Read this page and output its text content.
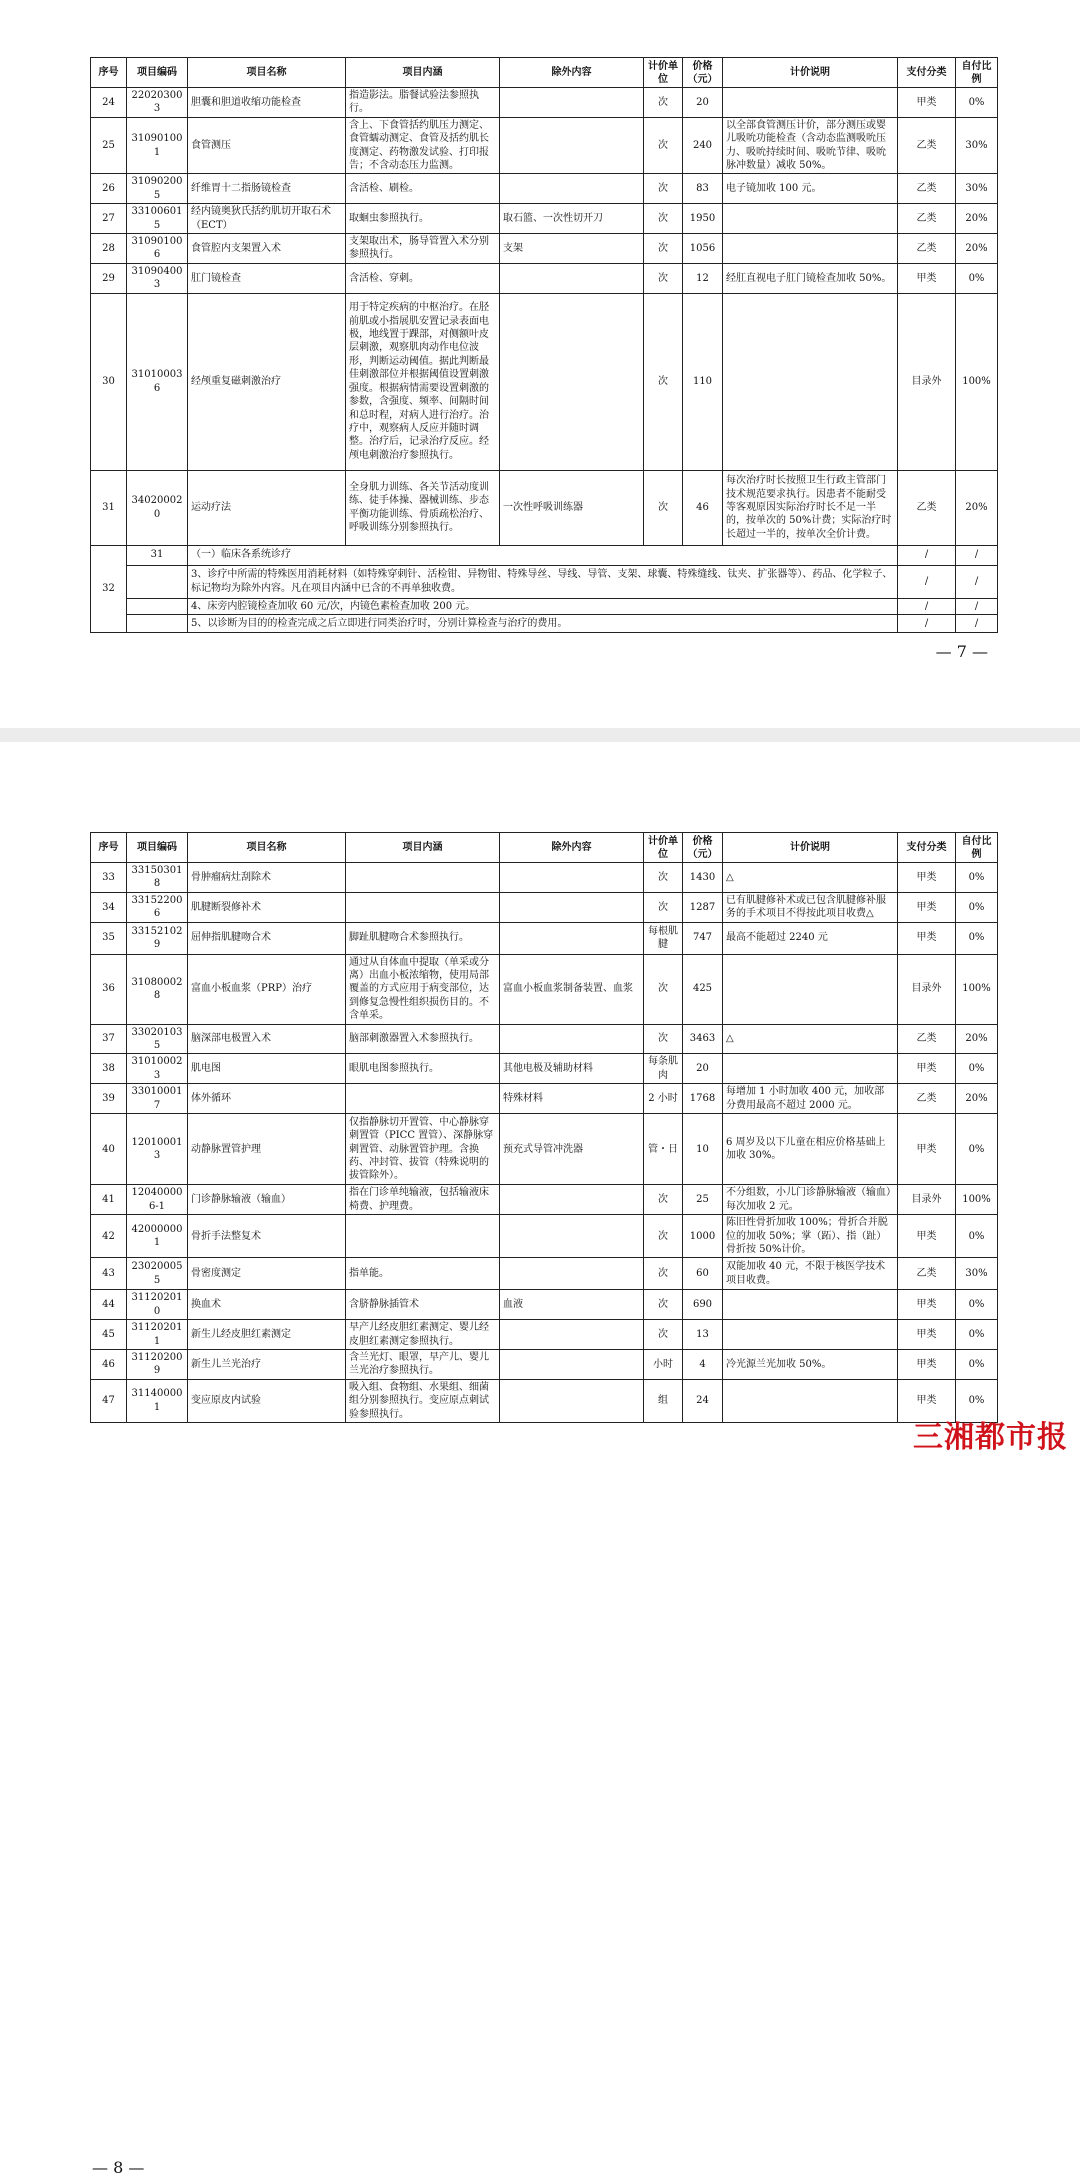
序号	项目编码	项目名称	项目内涵	除外内容	计价单位	价格（元）	计价说明	支付分类	自付比例
24	220203003	胆囊和胆道收缩功能检查	指造影法。脂餐试验法参照执行。		次	20		甲类	0%
25	310901001	食管测压	含上、下食管括约肌压力测定、食管蠕动测定、食管及括约肌长度测定、药物激发试验、打印报告；不含动态压力监测。		次	240	以全部食管测压计价，部分测压或婴儿吸吮功能检查（含动态监测吸吮压力、吸吮持续时间、吸吮节律、吸吮脉冲数量）减收 50%。	乙类	30%
26	310902005	纤维胃十二指肠镜检查	含活检、刷检。		次	83	电子镜加收 100 元。	乙类	30%
27	331006015	经内镜奥狄氏括约肌切开取石术（ECT）	取蛔虫参照执行。	取石篮、一次性切开刀	次	1950		乙类	20%
28	310901006	食管腔内支架置入术	支架取出术，肠导管置入术分别参照执行。	支架	次	1056		乙类	20%
29	310904003	肛门镜检查	含活检、穿刺。		次	12	经肛直视电子肛门镜检查加收 50%。	甲类	0%
30	310100036	经颅重复磁刺激治疗	用于特定疾病的中枢治疗。在胫前肌或小指展肌安置记录表面电极，地线置于踝部，对侧额叶皮层刺激，观察肌肉动作电位波形，判断运动阈值。据此判断最佳刺激部位并根据阈值设置刺激强度。根据病情需要设置刺激的参数，含强度、频率、间隔时间和总时程，对病人进行治疗。治疗中，观察病人反应并随时调整。治疗后，记录治疗反应。经颅电刺激治疗参照执行。		次	110		目录外	100%
31	340200020	运动疗法	全身肌力训练、各关节活动度训练、徒手体操、器械训练、步态平衡功能训练、骨质疏松治疗、呼吸训练分别参照执行。	一次性呼吸训练器	次	46	每次治疗时长按照卫生行政主管部门技术规范要求执行。因患者不能耐受等客观原因实际治疗时长不足一半的，按单次的 50%计费；实际治疗时长超过一半的，按单次全价计费。	乙类	20%
32	31	（一）临床各系统诊疗						/	/
		3、诊疗中所需的特殊医用消耗材料（如特殊穿刺针、活检钳、异物钳、特殊导丝、导线、导管、支架、球囊、特殊缝线、钛夹、扩张器等）、药品、化学粒子、标记物均为除外内容。凡在项目内涵中已含的不再单独收费。						/	/
		4、床旁内腔镜检查加收 60 元/次，内镜色素检查加收 200 元。						/	/
		5、以诊断为目的的检查完成之后立即进行同类治疗时，分别计算检查与治疗的费用。						/	/
— 7 —
序号	项目编码	项目名称	项目内涵	除外内容	计价单位	价格（元）	计价说明	支付分类	自付比例
33	331503018	骨肿瘤病灶刮除术			次	1430	△	甲类	0%
34	331522006	肌腱断裂修补术			次	1287	已有肌腱修补术或已包含肌腱修补服务的手术项目不得按此项目收费△	甲类	0%
35	331521029	屈伸指肌腱吻合术	脚趾肌腱吻合术参照执行。		每根肌腱	747	最高不能超过 2240 元	甲类	0%
36	310800028	富血小板血浆（PRP）治疗	通过从自体血中提取（单采或分离）出血小板浓缩物，使用局部覆盖的方式应用于病变部位，达到修复急慢性组织损伤目的。不含单采。	富血小板血浆制备装置、血浆	次	425		目录外	100%
37	330201035	脑深部电极置入术	脑部刺激器置入术参照执行。		次	3463	△	乙类	20%
38	310100023	肌电图	眼肌电图参照执行。	其他电极及辅助材料	每条肌肉	20		甲类	0%
39	330100017	体外循环		特殊材料	2 小时	1768	每增加 1 小时加收 400 元，加收部分费用最高不超过 2000 元。	乙类	20%
40	120100013	动静脉置管护理	仅指静脉切开置管、中心静脉穿刺置管（PICC 置管）、深静脉穿刺置管、动脉置管护理。含换药、冲封管、拔管（特殊说明的拔管除外）。	预充式导管冲洗器	管・日	10	6 周岁及以下儿童在相应价格基础上加收 30%。	甲类	0%
41	120400006-1	门诊静脉输液（输血）	指在门诊单纯输液，包括输液床椅费、护理费。		次	25	不分组数，小儿门诊静脉输液（输血）每次加收 2 元。	目录外	100%
42	420000001	骨折手法整复术			次	1000	陈旧性骨折加收 100%；骨折合并脱位的加收 50%；掌（跖）、指（趾）骨折按 50%计价。	甲类	0%
43	230200055	骨密度测定	指单能。		次	60	双能加收 40 元，不限于核医学技术项目收费。	乙类	30%
44	311202010	换血术	含脐静脉插管术	血液	次	690		甲类	0%
45	311202011	新生儿经皮胆红素测定	早产儿经皮胆红素测定、婴儿经皮胆红素测定参照执行。		次	13		甲类	0%
46	311202009	新生儿兰光治疗	含兰光灯、眼罩，早产儿、婴儿兰光治疗参照执行。		小时	4	冷光源兰光加收 50%。	甲类	0%
47	311400001	变应原皮内试验	吸入组、食物组、水果组、细菌组分别参照执行。变应原点刺试验参照执行。		组	24		甲类	0%
— 8 —
三湘都市报
